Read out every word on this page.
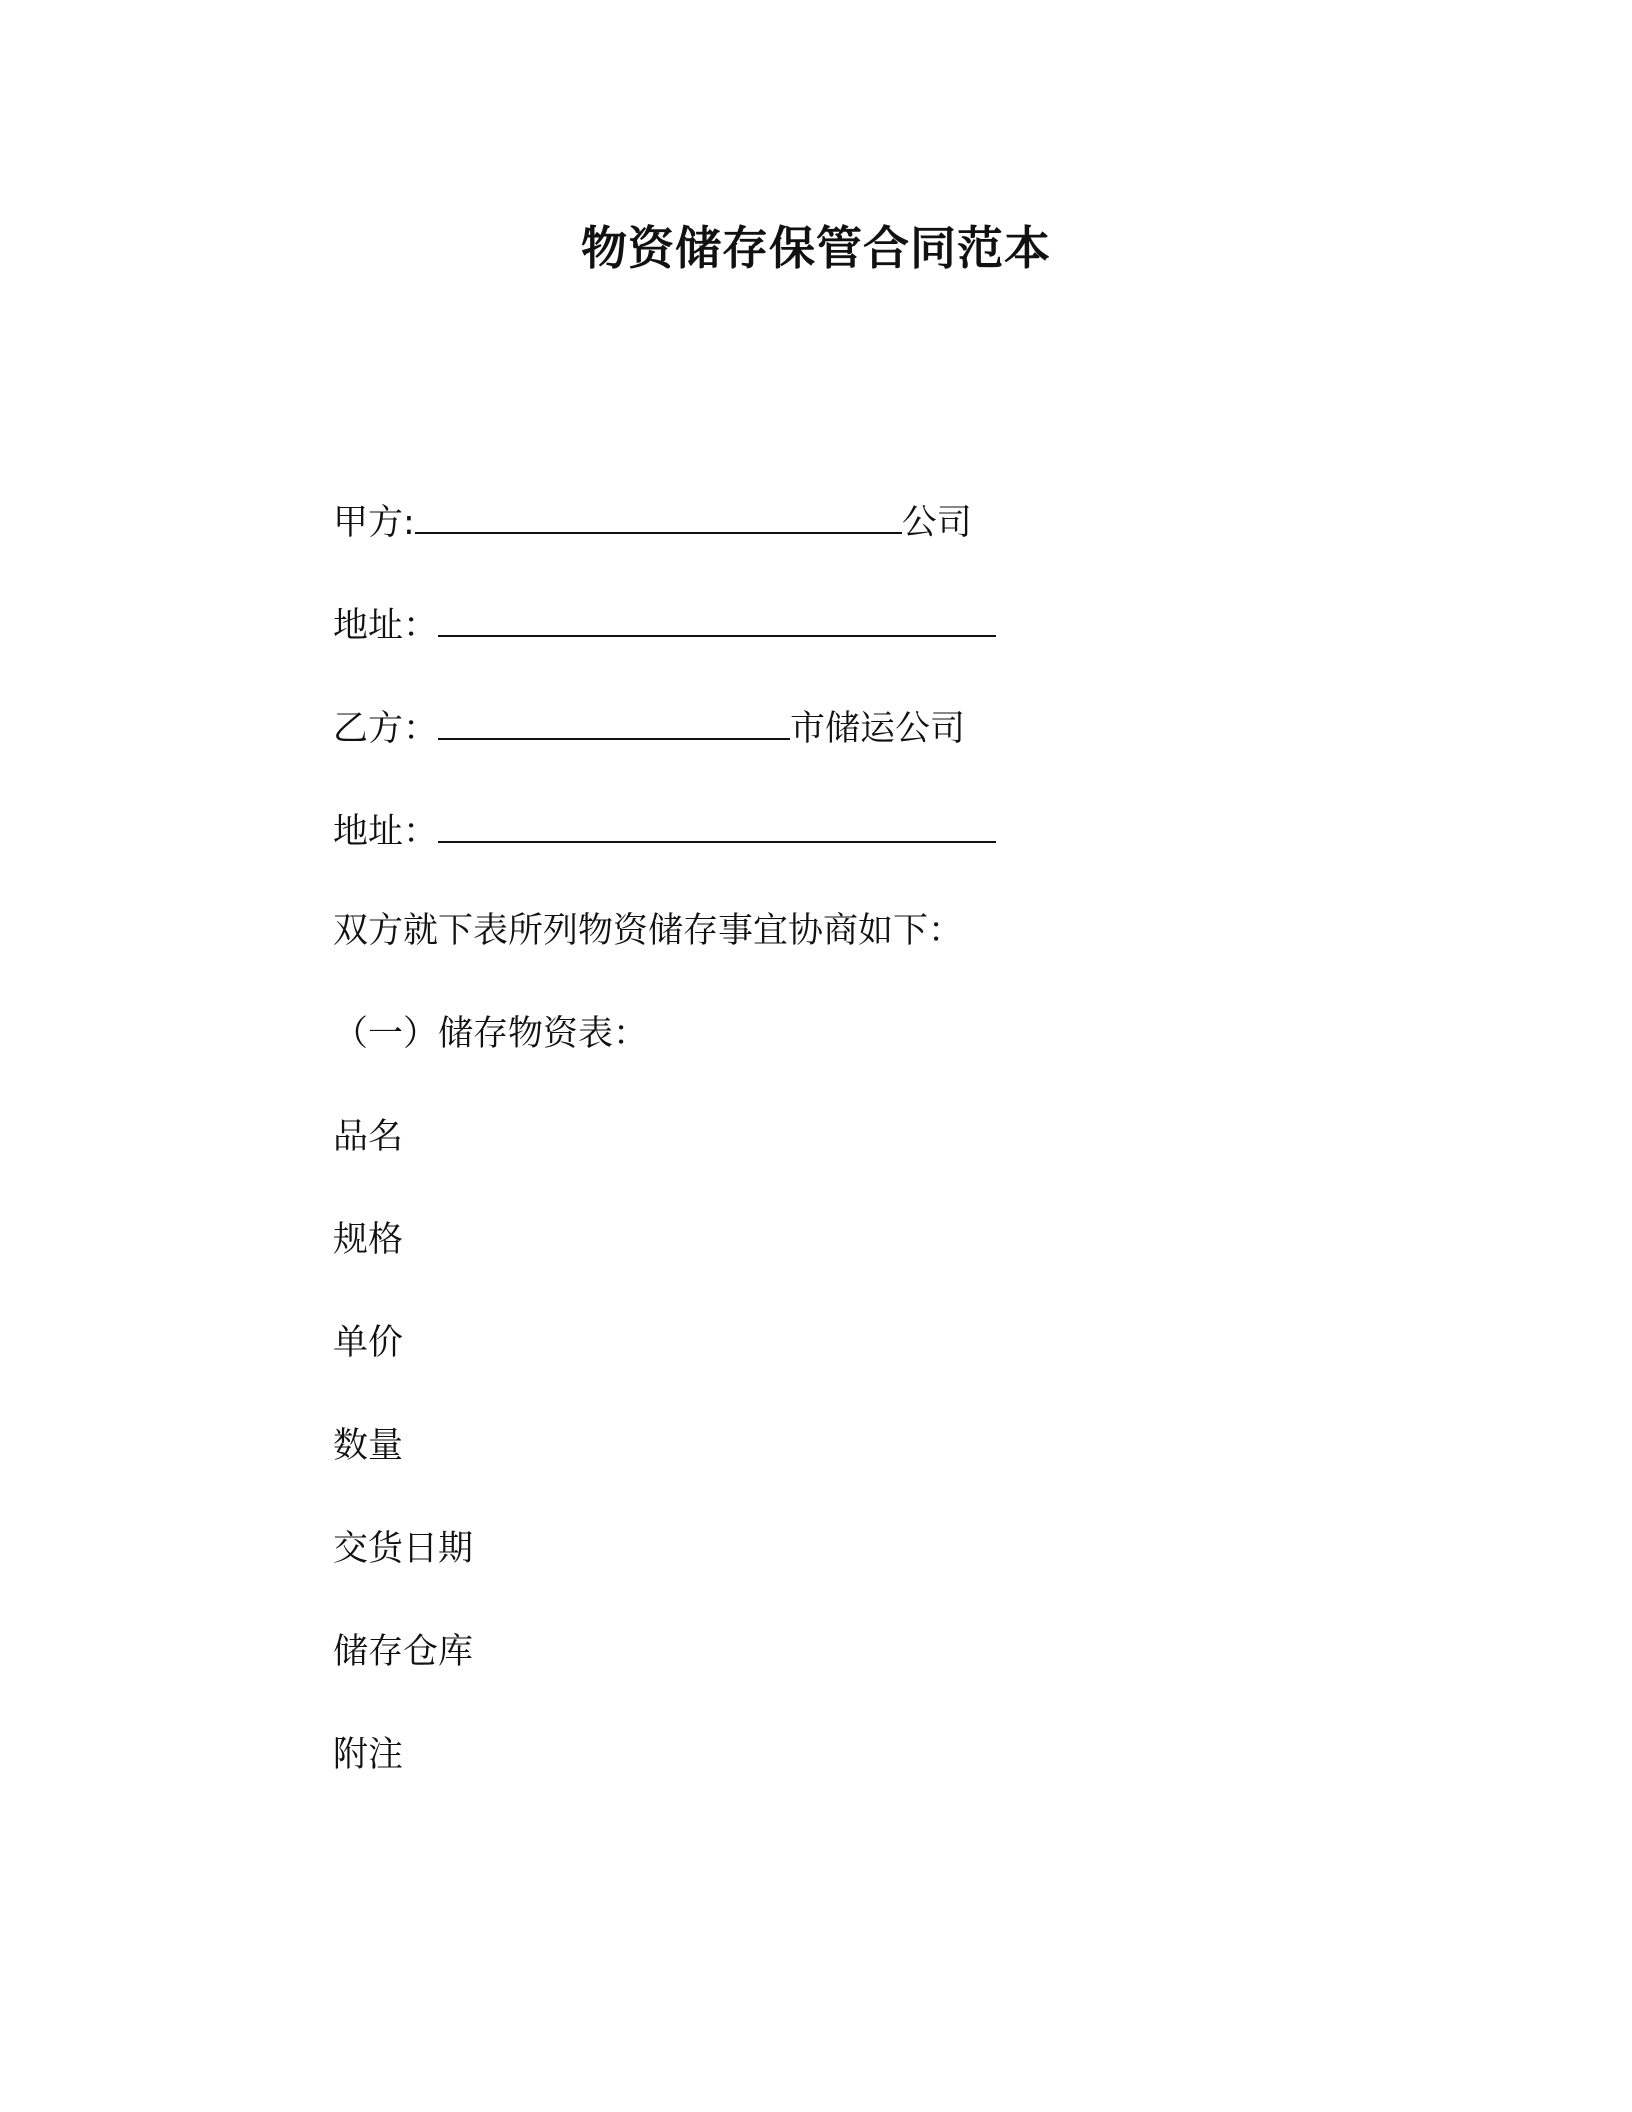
物资储存保管合同范本
甲方:	公司
地址：
乙方：	市储运公司
地址：
双方就下表所列物资储存事宜协商如下：
（一）储存物资表：
品名
规格
单价
数量
交货日期
储存仓库
附注
